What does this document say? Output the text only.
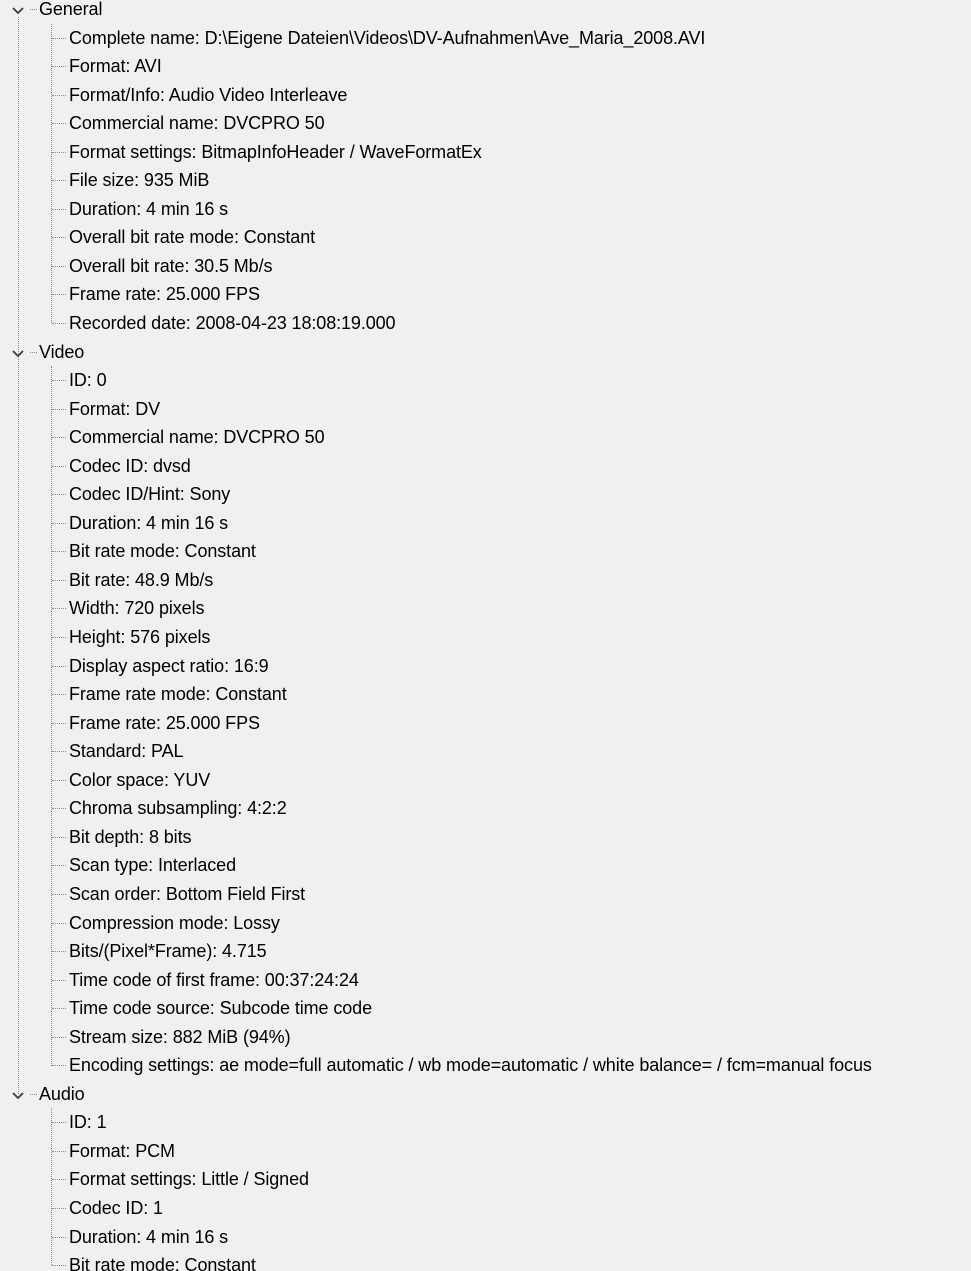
General
Complete name: D:\Eigene Dateien\Videos\DV-Aufnahmen\Ave_Maria_2008.AVI
Format: AVI
Format/Info: Audio Video Interleave
Commercial name: DVCPRO 50
Format settings: BitmapInfoHeader / WaveFormatEx
File size: 935 MiB
Duration: 4 min 16 s
Overall bit rate mode: Constant
Overall bit rate: 30.5 Mb/s
Frame rate: 25.000 FPS
Recorded date: 2008-04-23 18:08:19.000
Video
ID: 0
Format: DV
Commercial name: DVCPRO 50
Codec ID: dvsd
Codec ID/Hint: Sony
Duration: 4 min 16 s
Bit rate mode: Constant
Bit rate: 48.9 Mb/s
Width: 720 pixels
Height: 576 pixels
Display aspect ratio: 16:9
Frame rate mode: Constant
Frame rate: 25.000 FPS
Standard: PAL
Color space: YUV
Chroma subsampling: 4:2:2
Bit depth: 8 bits
Scan type: Interlaced
Scan order: Bottom Field First
Compression mode: Lossy
Bits/(Pixel*Frame): 4.715
Time code of first frame: 00:37:24:24
Time code source: Subcode time code
Stream size: 882 MiB (94%)
Encoding settings: ae mode=full automatic / wb mode=automatic / white balance= / fcm=manual focus
Audio
ID: 1
Format: PCM
Format settings: Little / Signed
Codec ID: 1
Duration: 4 min 16 s
Bit rate mode: Constant
